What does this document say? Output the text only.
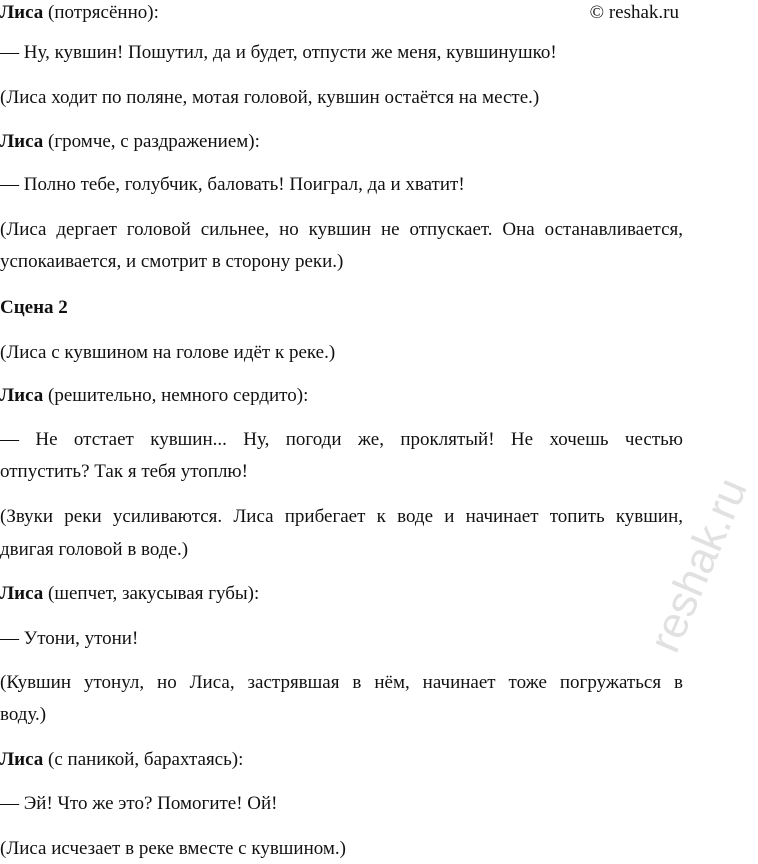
© reshak.ru
Лиса (потрясённо):
— Ну, кувшин! Пошутил, да и будет, отпусти же меня, кувшинушко!
(Лиса ходит по поляне, мотая головой, кувшин остаётся на месте.)
Лиса (громче, с раздражением):
— Полно тебе, голубчик, баловать! Поиграл, да и хватит!
(Лиса дергает головой сильнее, но кувшин не отпускает. Она останавливается,
успокаивается, и смотрит в сторону реки.)
Сцена 2
(Лиса с кувшином на голове идёт к реке.)
Лиса (решительно, немного сердито):
— Не отстает кувшин... Ну, погоди же, проклятый! Не хочешь честью
отпустить? Так я тебя утоплю!
(Звуки реки усиливаются. Лиса прибегает к воде и начинает топить кувшин,
двигая головой в воде.)
Лиса (шепчет, закусывая губы):
— Утони, утони!
(Кувшин утонул, но Лиса, застрявшая в нём, начинает тоже погружаться в
воду.)
Лиса (с паникой, барахтаясь):
— Эй! Что же это? Помогите! Ой!
(Лиса исчезает в реке вместе с кувшином.)
reshak.ru
